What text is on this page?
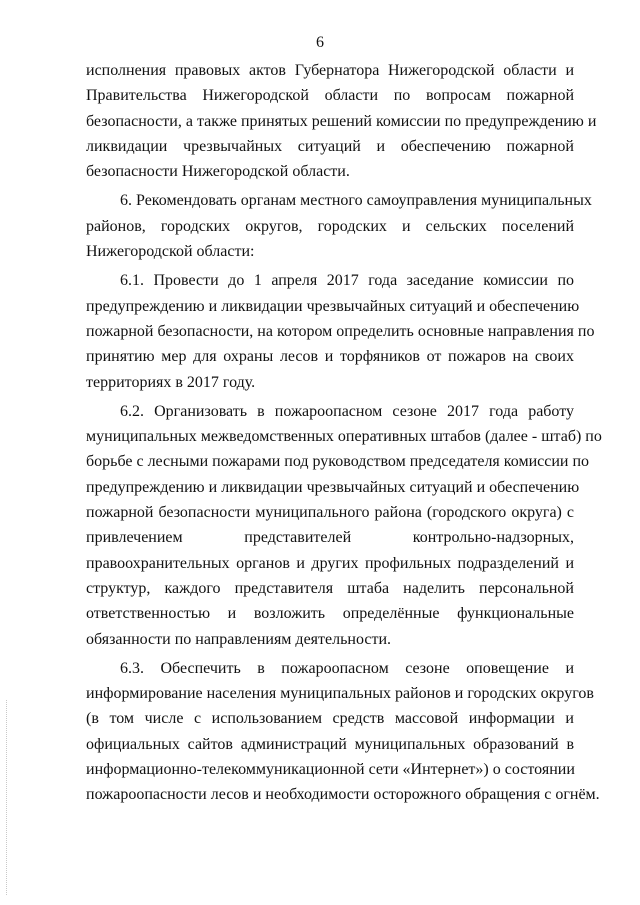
6
исполнения правовых актов Губернатора Нижегородской области и
Правительства Нижегородской области по вопросам пожарной
безопасности, а также принятых решений комиссии по предупреждению и
ликвидации чрезвычайных ситуаций и обеспечению пожарной
безопасности Нижегородской области.
6. Рекомендовать органам местного самоуправления муниципальных
районов, городских округов, городских и сельских поселений
Нижегородской области:
6.1. Провести до 1 апреля 2017 года заседание комиссии по
предупреждению и ликвидации чрезвычайных ситуаций и обеспечению
пожарной безопасности, на котором определить основные направления по
принятию мер для охраны лесов и торфяников от пожаров на своих
территориях в 2017 году.
6.2. Организовать в пожароопасном сезоне 2017 года работу
муниципальных межведомственных оперативных штабов (далее - штаб) по
борьбе с лесными пожарами под руководством председателя комиссии по
предупреждению и ликвидации чрезвычайных ситуаций и обеспечению
пожарной безопасности муниципального района (городского округа) с
привлечением представителей контрольно-надзорных,
правоохранительных органов и других профильных подразделений и
структур, каждого представителя штаба наделить персональной
ответственностью и возложить определённые функциональные
обязанности по направлениям деятельности.
6.3. Обеспечить в пожароопасном сезоне оповещение и
информирование населения муниципальных районов и городских округов
(в том числе с использованием средств массовой информации и
официальных сайтов администраций муниципальных образований в
информационно-телекоммуникационной сети «Интернет») о состоянии
пожароопасности лесов и необходимости осторожного обращения с огнём.
